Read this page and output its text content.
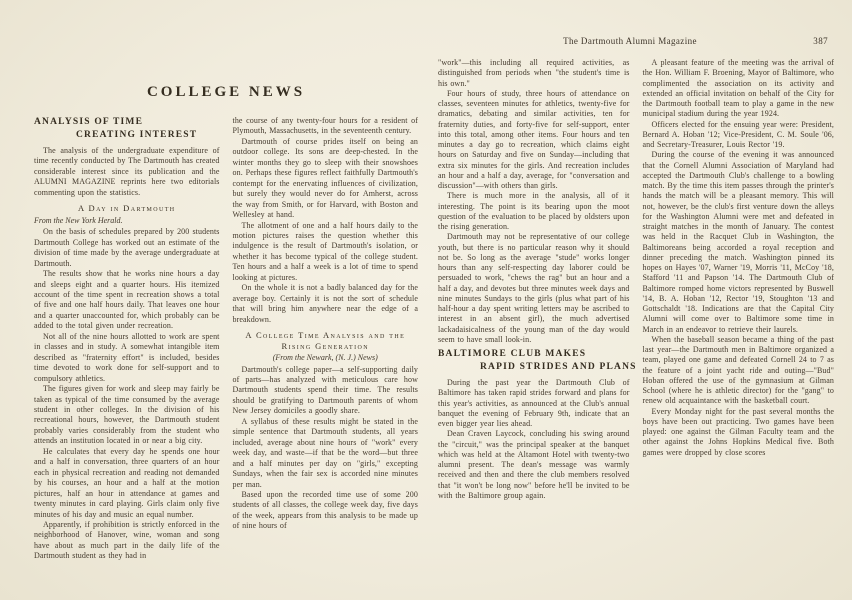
COLLEGE NEWS
ANALYSIS OF TIME
CREATING INTEREST

The analysis of the undergraduate expenditure of time recently conducted by The Dartmouth has created considerable interest since its publication and the ALUMNI MAGAZINE reprints here two editorials commenting upon the statistics.

A Day in Dartmouth

From the New York Herald.

On the basis of schedules prepared by 200 students Dartmouth College has worked out an estimate of the division of time made by the average undergraduate at Dartmouth.

The results show that he works nine hours a day and sleeps eight and a quarter hours. His itemized account of the time spent in recreation shows a total of five and one half hours daily. That leaves one hour and a quarter unaccounted for, which probably can be added to the total given under recreation.

Not all of the nine hours allotted to work are spent in classes and in study. A somewhat intangible item described as "fraternity effort" is included, besides time devoted to work done for self-support and to compulsory athletics.

The figures given for work and sleep may fairly be taken as typical of the time consumed by the average student in other colleges. In the division of his recreational hours, however, the Dartmouth student probably varies considerably from the student who attends an institution located in or near a big city.

He calculates that every day he spends one hour and a half in conversation, three quarters of an hour each in physical recreation and reading not demanded by his courses, an hour and a half at the motion pictures, half an hour in attendance at games and twenty minutes in card playing. Girls claim only five minutes of his day and music an equal number.

Apparently, if prohibition is strictly enforced in the neighborhood of Hanover, wine, woman and song have about as much part in the daily life of the Dartmouth student as they had in

the course of any twenty-four hours for a resident of Plymouth, Massachusetts, in the seventeenth century.

Dartmouth of course prides itself on being an outdoor college. Its sons are deep-chested. In the winter months they go to sleep with their snowshoes on. Perhaps these figures reflect faithfully Dartmouth's contempt for the enervating influences of civilization, but surely they would never do for Amherst, across the way from Smith, or for Harvard, with Boston and Wellesley at hand.

The allotment of one and a half hours daily to the motion pictures raises the question whether this indulgence is the result of Dartmouth's isolation, or whether it has become typical of the college student. Ten hours and a half a week is a lot of time to spend looking at pictures.

On the whole it is not a badly balanced day for the average boy. Certainly it is not the sort of schedule that will bring him anywhere near the edge of a breakdown.

A College Time Analysis and the Rising Generation

(From the Newark, (N. J.) News)

Dartmouth's college paper—a self-supporting daily of parts—has analyzed with meticulous care how Dartmouth students spend their time. The results should be gratifying to Dartmouth parents of whom New Jersey domiciles a goodly share.

A syllabus of these results might be stated in the simple sentence that Dartmouth students, all years included, average about nine hours of "work" every week day, and waste—if that be the word—but three and a half minutes per day on "girls," excepting Sundays, when the fair sex is accorded nine minutes per man.

Based upon the recorded time use of some 200 students of all classes, the college week day, five days of the week, appears from this analysis to be made up of nine hours of

The Dartmouth Alumni Magazine	387

"work"—this including all required activities, as distinguished from periods when "the student's time is his own."

Four hours of study, three hours of attendance on classes, seventeen minutes for athletics, twenty-five for dramatics, debating and similar activities, ten for fraternity duties, and forty-five for self-support, enter into this total, among other items. Four hours and ten minutes a day go to recreation, which claims eight hours on Saturday and five on Sunday—including that extra six minutes for the girls. And recreation includes an hour and a half a day, average, for "conversation and discussion"—with others than girls.

There is much more in the analysis, all of it interesting. The point is its bearing upon the moot question of the evaluation to be placed by oldsters upon the rising generation.

Dartmouth may not be representative of our college youth, but there is no particular reason why it should not be. So long as the average "stude" works longer hours than any self-respecting day laborer could be persuaded to work, "chews the rag" but an hour and a half a day, and devotes but three minutes week days and nine minutes Sundays to the girls (plus what part of his half-hour a day spent writing letters may be ascribed to interest in an absent girl), the much advertised lackadaisicalness of the young man of the day would seem to have small look-in.

BALTIMORE CLUB MAKES
RAPID STRIDES AND PLANS

During the past year the Dartmouth Club of Baltimore has taken rapid strides forward and plans for this year's activities, as announced at the Club's annual banquet the evening of February 9th, indicate that an even bigger year lies ahead.

Dean Craven Laycock, concluding his swing around the "circuit," was the principal speaker at the banquet which was held at the Altamont Hotel with twenty-two alumni present. The dean's message was warmly received and then and there the club members resolved that "it won't be long now" before he'll be invited to be with the Baltimore group again.

A pleasant feature of the meeting was the arrival of the Hon. William F. Broening, Mayor of Baltimore, who complimented the association on its activity and extended an official invitation on behalf of the City for the Dartmouth football team to play a game in the new municipal stadium during the year 1924.

Officers elected for the ensuing year were: President, Bernard A. Hoban '12; Vice-President, C. M. Soule '06, and Secretary-Treasurer, Louis Rector '19.

During the course of the evening it was announced that the Cornell Alumni Association of Maryland had accepted the Dartmouth Club's challenge to a bowling match. By the time this item passes through the printer's hands the match will be a pleasant memory. This will not, however, be the club's first venture down the alleys for the Washington Alumni were met and defeated in straight matches in the month of January. The contest was held in the Racquet Club in Washington, the Baltimoreans being accorded a royal reception and dinner preceding the match. Washington pinned its hopes on Hayes '07, Warner '19, Morris '11, McCoy '18, Stafford '11 and Papson '14. The Dartmouth Club of Baltimore romped home victors represented by Buswell '14, B. A. Hoban '12, Rector '19, Stoughton '13 and Gottschaldt '18. Indications are that the Capital City Alumni will come over to Baltimore some time in March in an endeavor to retrieve their laurels.

When the baseball season became a thing of the past last year—the Dartmouth men in Baltimore organized a team, played one game and defeated Cornell 24 to 7 as the feature of a joint yacht ride and outing—"Bud" Hoban offered the use of the gymnasium at Gilman School (where he is athletic director) for the "gang" to renew old acquaintance with the basketball court.

Every Monday night for the past several months the boys have been out practicing. Two games have been played: one against the Gilman Faculty team and the other against the Johns Hopkins Medical five. Both games were dropped by close scores
